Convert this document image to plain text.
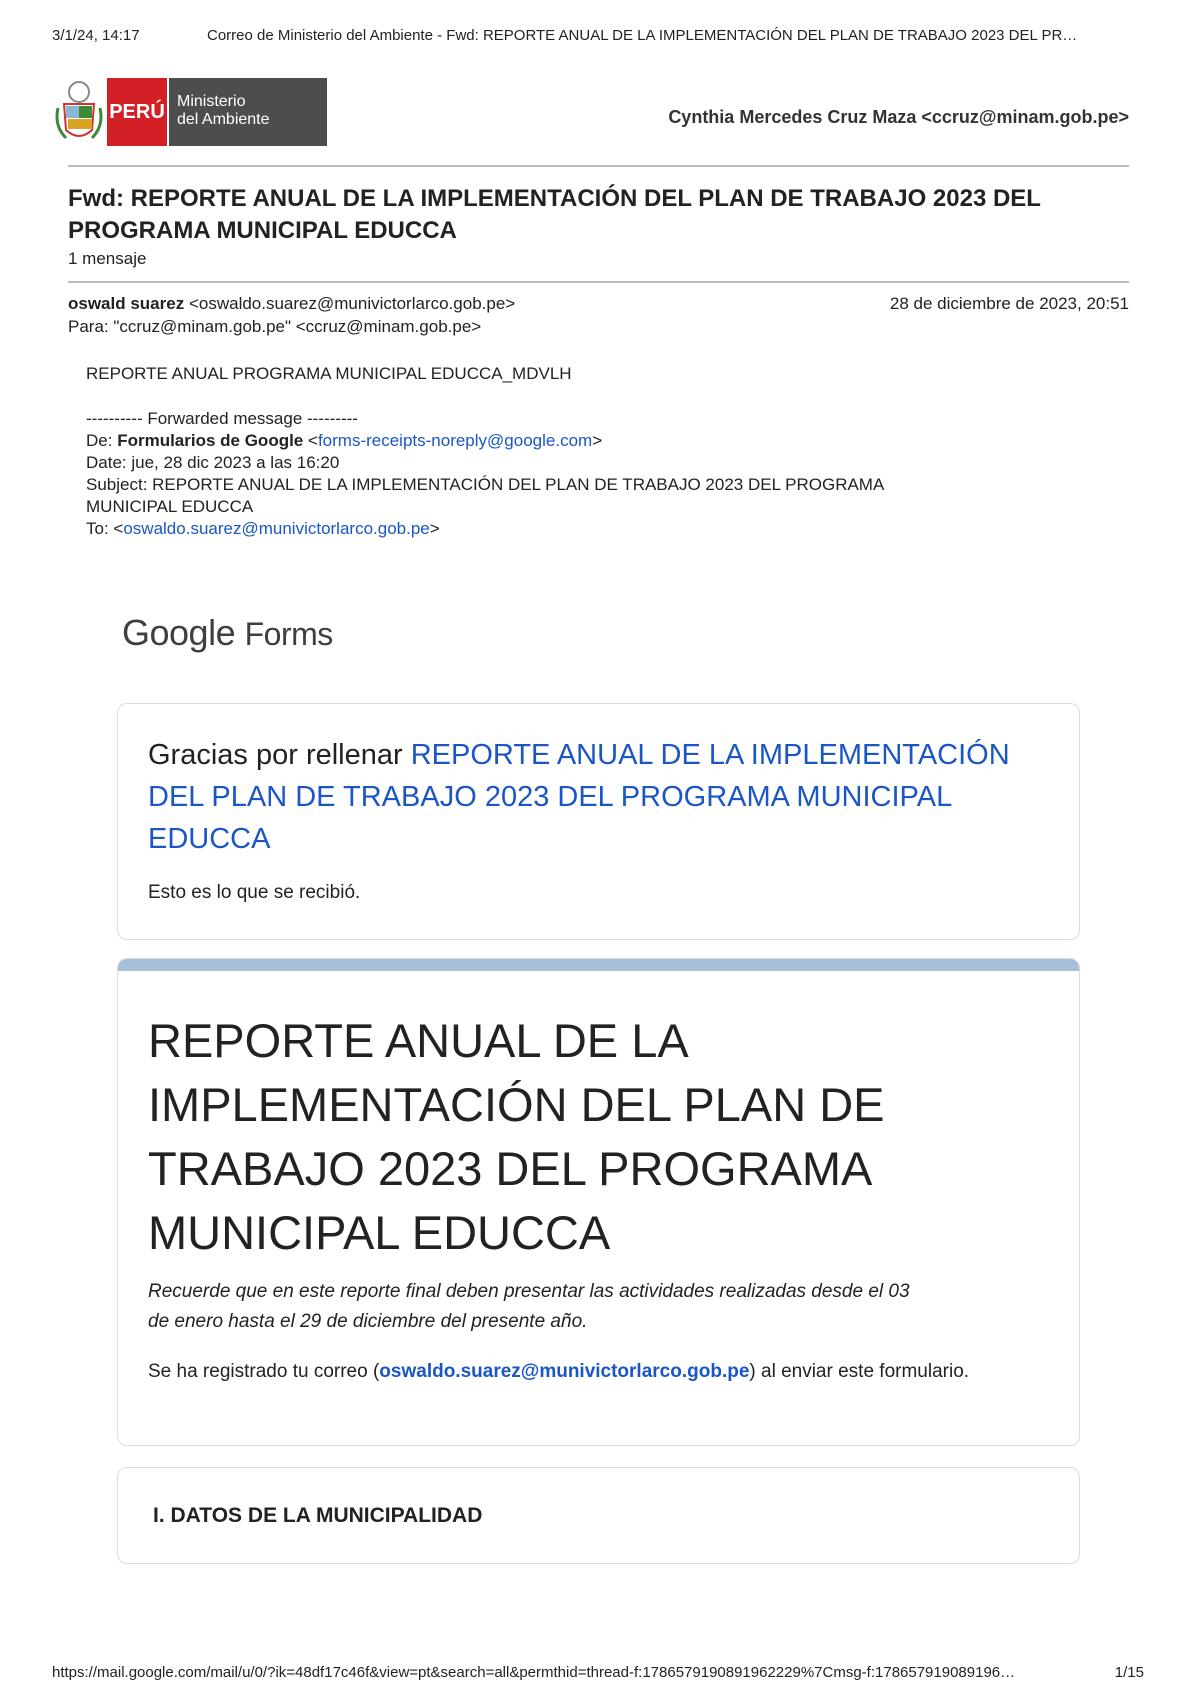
3/1/24, 14:17	Correo de Ministerio del Ambiente - Fwd: REPORTE ANUAL DE LA IMPLEMENTACIÓN DEL PLAN DE TRABAJO 2023 DEL PR…
PERÚ Ministerio
del Ambiente	Cynthia Mercedes Cruz Maza <ccruz@minam.gob.pe>
Fwd: REPORTE ANUAL DE LA IMPLEMENTACIÓN DEL PLAN DE TRABAJO 2023 DEL PROGRAMA MUNICIPAL EDUCCA
1 mensaje
oswald suarez <oswaldo.suarez@munivictorlarco.gob.pe>	28 de diciembre de 2023, 20:51
Para: "ccruz@minam.gob.pe" <ccruz@minam.gob.pe>
REPORTE ANUAL PROGRAMA MUNICIPAL EDUCCA_MDVLH
---------- Forwarded message ---------
De: Formularios de Google <forms-receipts-noreply@google.com>
Date: jue, 28 dic 2023 a las 16:20
Subject: REPORTE ANUAL DE LA IMPLEMENTACIÓN DEL PLAN DE TRABAJO 2023 DEL PROGRAMA
MUNICIPAL EDUCCA
To: <oswaldo.suarez@munivictorlarco.gob.pe>
Google Forms
Gracias por rellenar REPORTE ANUAL DE LA IMPLEMENTACIÓN DEL PLAN DE TRABAJO 2023 DEL PROGRAMA MUNICIPAL EDUCCA
Esto es lo que se recibió.
REPORTE ANUAL DE LA IMPLEMENTACIÓN DEL PLAN DE TRABAJO 2023 DEL PROGRAMA MUNICIPAL EDUCCA
Recuerde que en este reporte final deben presentar las actividades realizadas desde el 03 de enero hasta el 29 de diciembre del presente año.
Se ha registrado tu correo (oswaldo.suarez@munivictorlarco.gob.pe) al enviar este formulario.
I. DATOS DE LA MUNICIPALIDAD
https://mail.google.com/mail/u/0/?ik=48df17c46f&view=pt&search=all&permthid=thread-f:1786579190891962229%7Cmsg-f:178657919089196…	1/15
